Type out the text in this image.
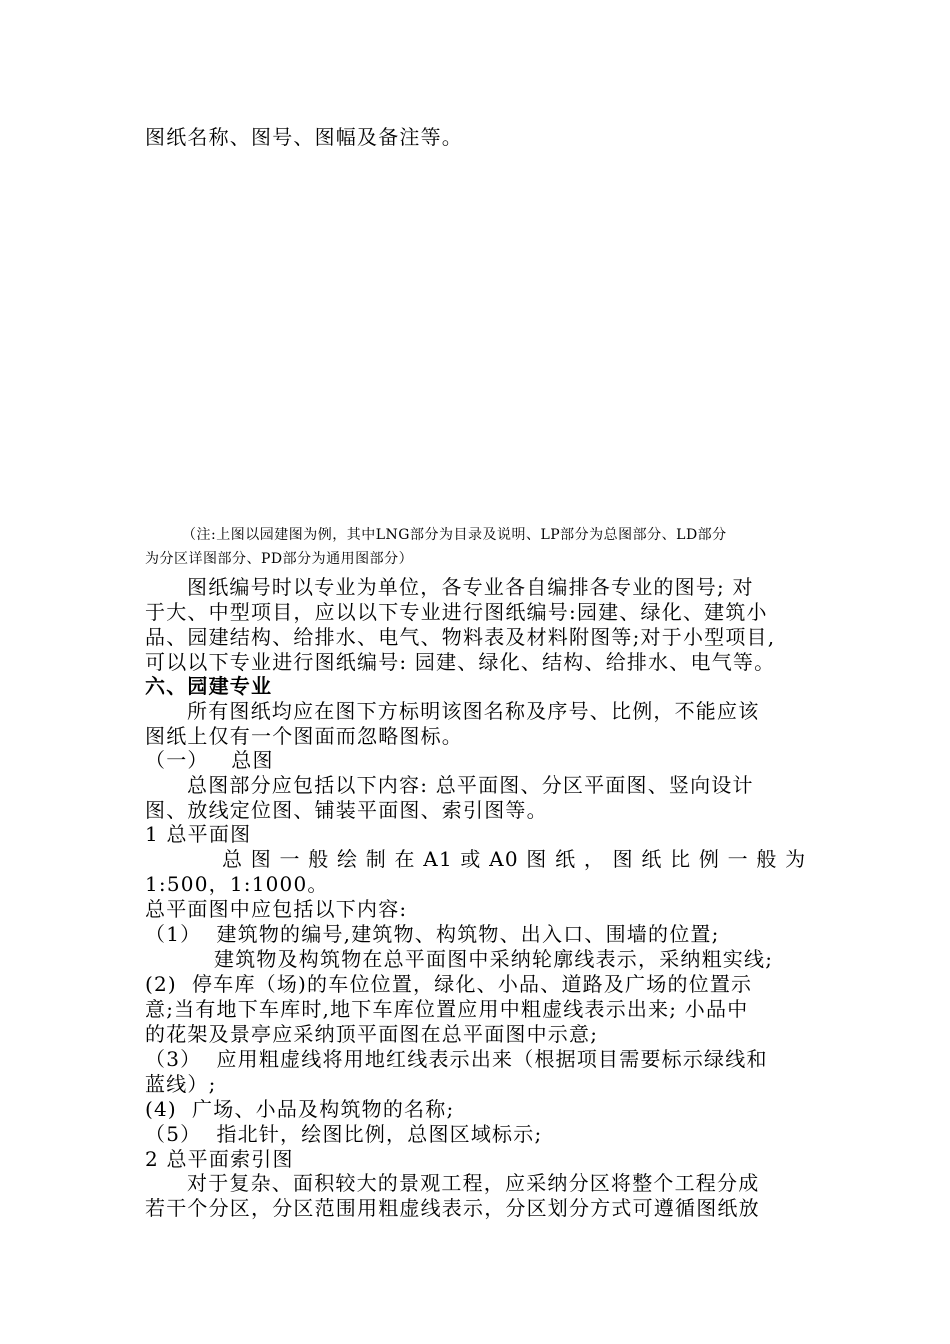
图纸名称、图号、图幅及备注等。
（注:上图以园建图为例，其中LNG部分为目录及说明、LP部分为总图部分、LD部分
为分区详图部分、PD部分为通用图部分）
图纸编号时以专业为单位，各专业各自编排各专业的图号; 对
于大、中型项目，应以以下专业进行图纸编号:园建、绿化、建筑小
品、园建结构、给排水、电气、物料表及材料附图等;对于小型项目,
可以以下专业进行图纸编号: 园建、绿化、结构、给排水、电气等。
六、园建专业
所有图纸均应在图下方标明该图名称及序号、比例，不能应该
图纸上仅有一个图面而忽略图标。
（一）   总图
总图部分应包括以下内容: 总平面图、分区平面图、竖向设计
图、放线定位图、铺装平面图、索引图等。
1 总平面图
总 图 一 般 绘 制 在 A1 或 A0 图 纸 ， 图 纸 比 例 一 般 为
1:500，1:1000。
总平面图中应包括以下内容:
（1）  建筑物的编号,建筑物、构筑物、出入口、围墙的位置;
建筑物及构筑物在总平面图中采纳轮廓线表示，采纳粗实线;
(2)  停车库（场)的车位位置，绿化、小品、道路及广场的位置示
意;当有地下车库时,地下车库位置应用中粗虚线表示出来; 小品中
的花架及景亭应采纳顶平面图在总平面图中示意;
（3）  应用粗虚线将用地红线表示出来（根据项目需要标示绿线和
蓝线）;
(4)  广场、小品及构筑物的名称;
（5）  指北针，绘图比例，总图区域标示;
2 总平面索引图
对于复杂、面积较大的景观工程，应采纳分区将整个工程分成
若干个分区，分区范围用粗虚线表示，分区划分方式可遵循图纸放
